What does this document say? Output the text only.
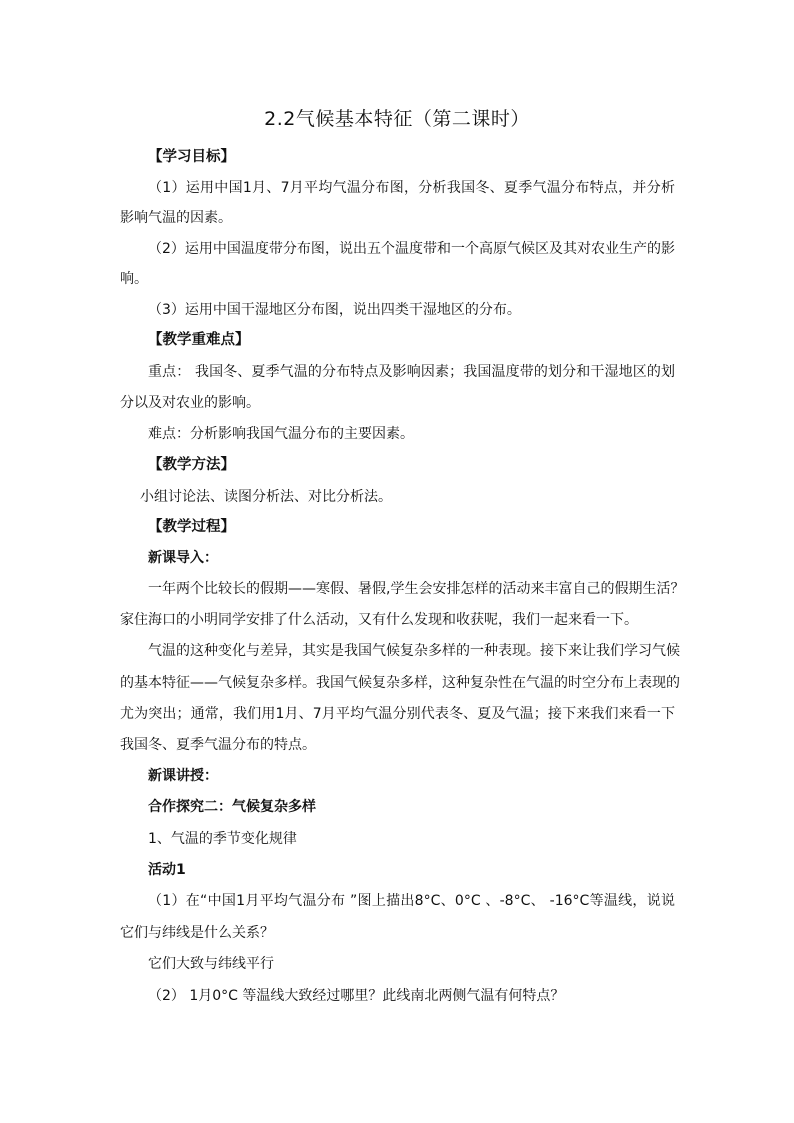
2.2气候基本特征（第二课时）
【学习目标】
（1）运用中国1月、7月平均气温分布图，分析我国冬、夏季气温分布特点，并分析
影响气温的因素。
（2）运用中国温度带分布图，说出五个温度带和一个高原气候区及其对农业生产的影
响。
（3）运用中国干湿地区分布图，说出四类干湿地区的分布。
【教学重难点】
重点： 我国冬、夏季气温的分布特点及影响因素；我国温度带的划分和干湿地区的划
分以及对农业的影响。
难点：分析影响我国气温分布的主要因素。
【教学方法】
小组讨论法、读图分析法、对比分析法。
【教学过程】
新课导入：
一年两个比较长的假期——寒假、暑假,学生会安排怎样的活动来丰富自己的假期生活？
家住海口的小明同学安排了什么活动，又有什么发现和收获呢，我们一起来看一下。
气温的这种变化与差异，其实是我国气候复杂多样的一种表现。接下来让我们学习气候
的基本特征——气候复杂多样。我国气候复杂多样，这种复杂性在气温的时空分布上表现的
尤为突出；通常，我们用1月、7月平均气温分别代表冬、夏及气温；接下来我们来看一下
我国冬、夏季气温分布的特点。
新课讲授：
合作探究二：气候复杂多样
1、气温的季节变化规律
活动1
（1）在“中国1月平均气温分布 ”图上描出8°C、0°C 、-8°C、 -16°C等温线，说说
它们与纬线是什么关系？
它们大致与纬线平行
（2） 1月0°C 等温线大致经过哪里？此线南北两侧气温有何特点？
